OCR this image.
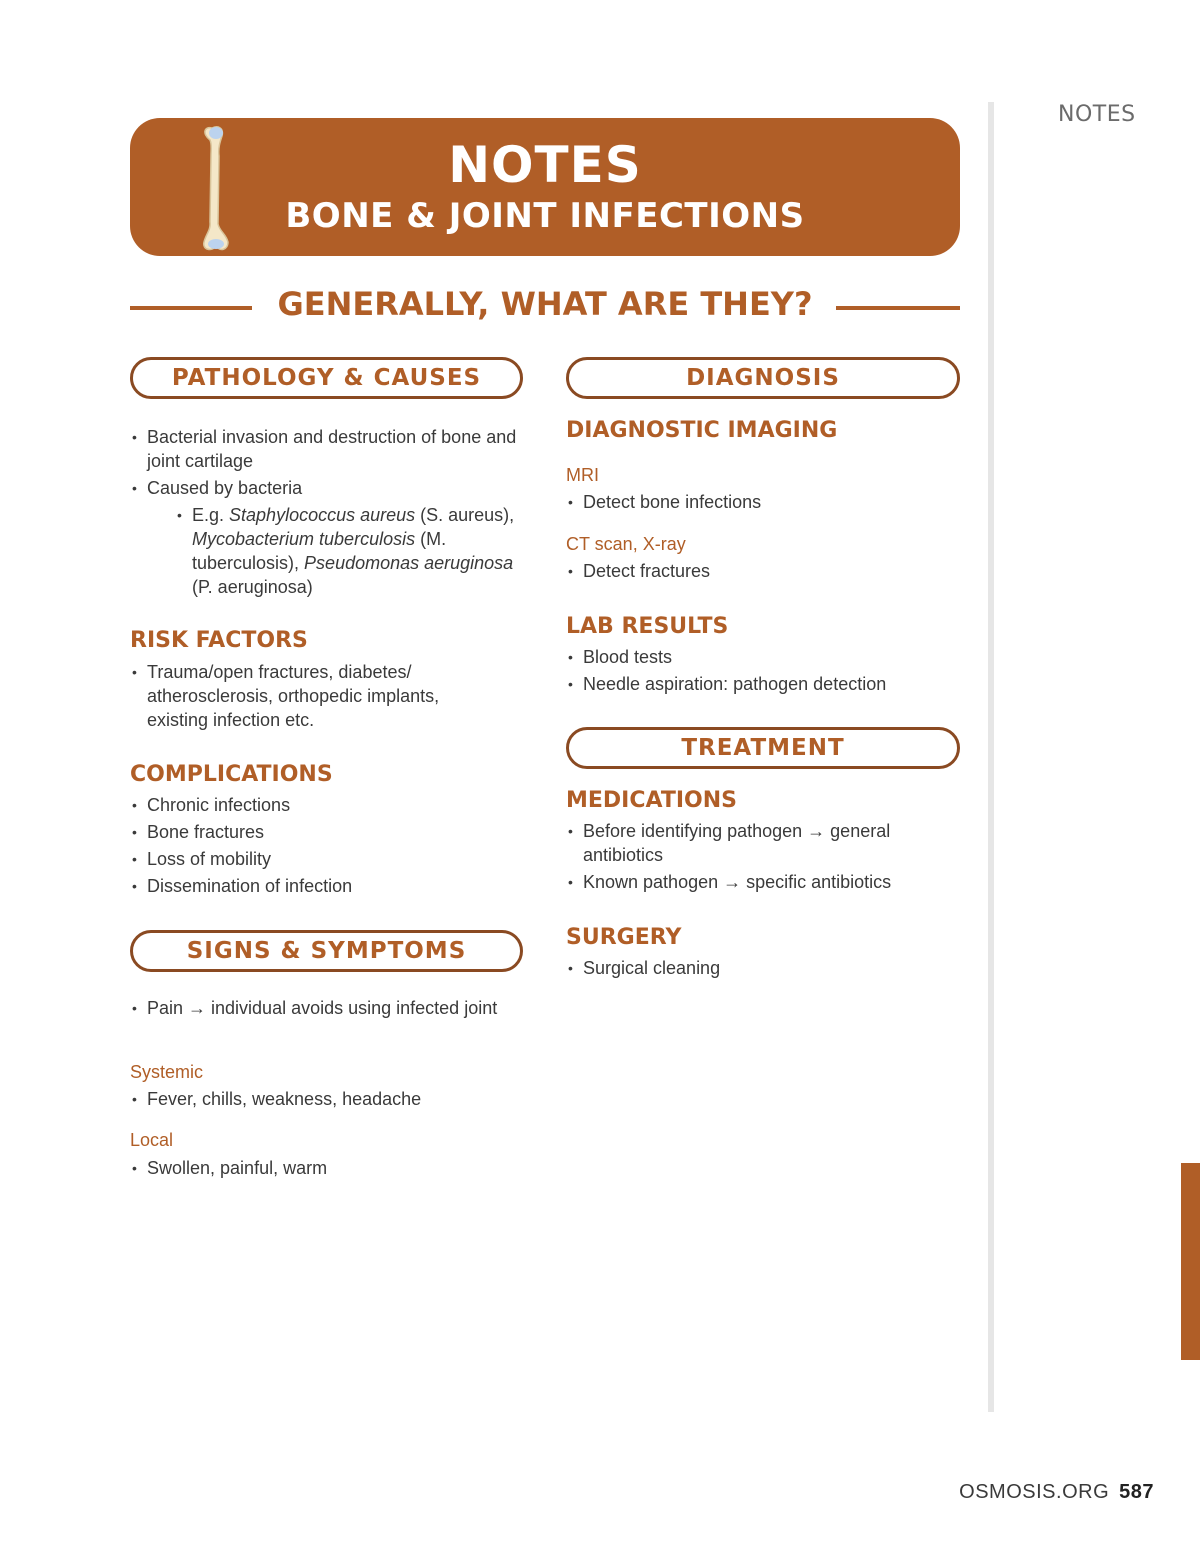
NOTES
NOTES
BONE & JOINT INFECTIONS
GENERALLY, WHAT ARE THEY?
PATHOLOGY & CAUSES
• Bacterial invasion and destruction of bone and joint cartilage
• Caused by bacteria
• E.g. Staphylococcus aureus (S. aureus), Mycobacterium tuberculosis (M. tuberculosis), Pseudomonas aeruginosa (P. aeruginosa)
RISK FACTORS
• Trauma/open fractures, diabetes/ atherosclerosis, orthopedic implants, existing infection etc.
COMPLICATIONS
• Chronic infections
• Bone fractures
• Loss of mobility
• Dissemination of infection
SIGNS & SYMPTOMS
• Pain → individual avoids using infected joint
Systemic
• Fever, chills, weakness, headache
Local
• Swollen, painful, warm
DIAGNOSIS
DIAGNOSTIC IMAGING
MRI
• Detect bone infections
CT scan, X-ray
• Detect fractures
LAB RESULTS
• Blood tests
• Needle aspiration: pathogen detection
TREATMENT
MEDICATIONS
• Before identifying pathogen → general antibiotics
• Known pathogen → specific antibiotics
SURGERY
• Surgical cleaning
OSMOSIS.ORG 587
